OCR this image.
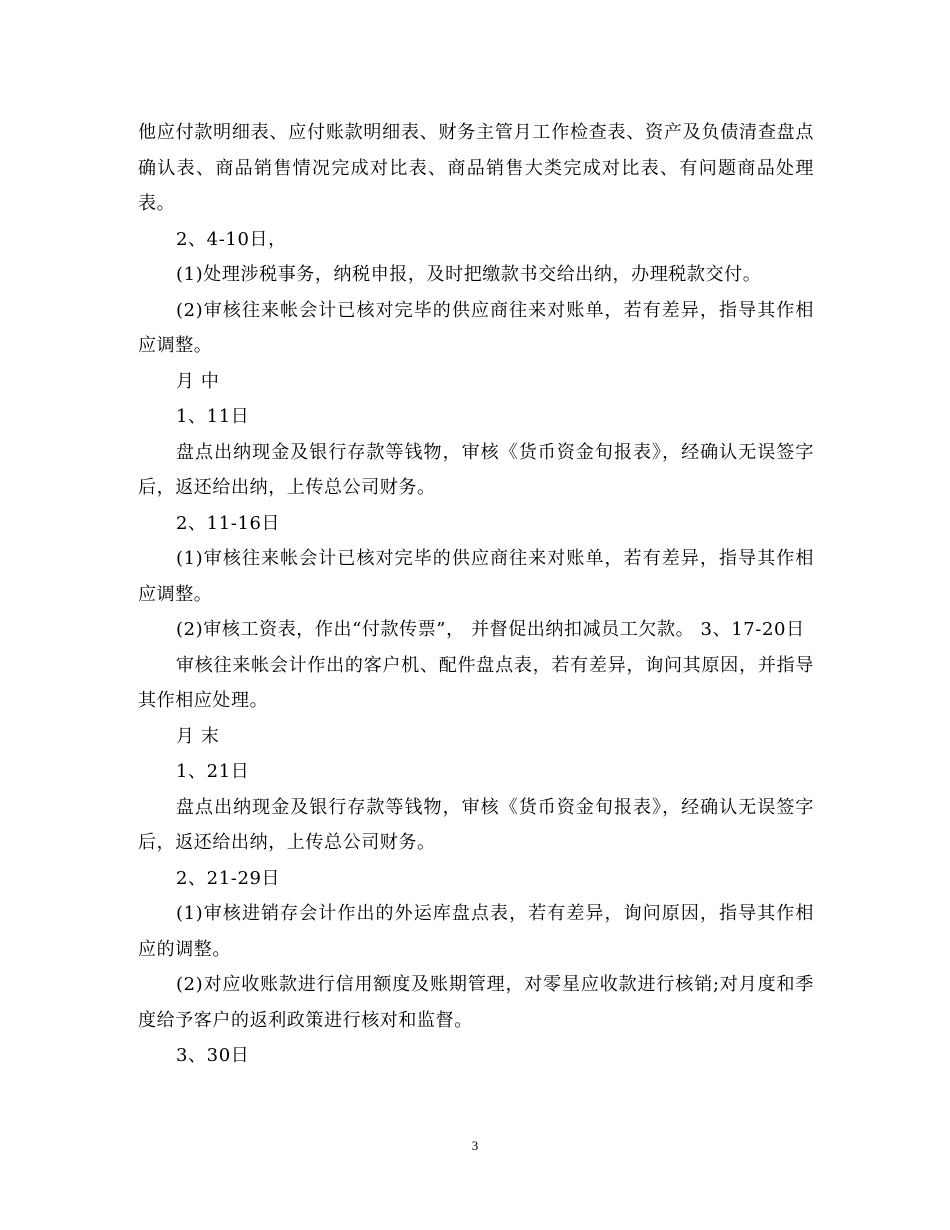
他应付款明细表、应付账款明细表、财务主管月工作检查表、资产及负债清查盘点确认表、商品销售情况完成对比表、商品销售大类完成对比表、有问题商品处理表。

2、4-10日，

(1)处理涉税事务，纳税申报，及时把缴款书交给出纳，办理税款交付。

(2)审核往来帐会计已核对完毕的供应商往来对账单，若有差异，指导其作相应调整。

月 中

1、11日

盘点出纳现金及银行存款等钱物，审核《货币资金旬报表》，经确认无误签字后，返还给出纳，上传总公司财务。

2、11-16日

(1)审核往来帐会计已核对完毕的供应商往来对账单，若有差异，指导其作相应调整。

(2)审核工资表，作出“付款传票”， 并督促出纳扣减员工欠款。 3、17-20日

审核往来帐会计作出的客户机、配件盘点表，若有差异，询问其原因，并指导其作相应处理。

月 末

1、21日

盘点出纳现金及银行存款等钱物，审核《货币资金旬报表》，经确认无误签字后，返还给出纳，上传总公司财务。

2、21-29日

(1)审核进销存会计作出的外运库盘点表，若有差异，询问原因，指导其作相应的调整。

(2)对应收账款进行信用额度及账期管理，对零星应收款进行核销;对月度和季度给予客户的返利政策进行核对和监督。

3、30日

3
